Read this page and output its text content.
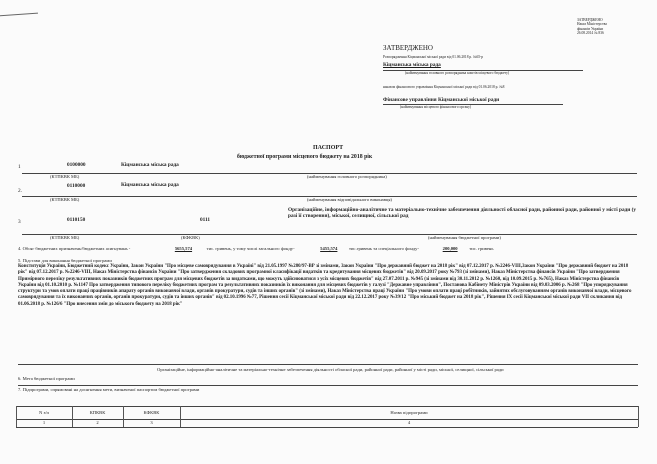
ЗАТВЕРДЖЕНО
Наказ Міністерства
фінансів України
26.08.2014 № 836
ЗАТВЕРДЖЕНО
Розпорядження Кіцманської міської ради від 01.06.2018 р. №65-р
Кіцманська міська рада
(найменування головного розпорядника коштів місцевого бюджету)
наказом фінансового управління Кіцманської міської ради від 01.06.2018 р. №8
Фінансове управління Кіцманської міської ради
(найменування місцевого фінансового органу)
ПАСПОРТ
бюджетної програми місцевого бюджету на 2018 рік
1	0100000	Кіцманська міська рада
(КТПКВК МБ)	(найменування головного розпорядника)
2.
0110000	Кіцманська міська рада
(КТПКВК МБ)	(найменування відповідального виконавця)
3	0110150	0111
Організаційне, інформаційно-аналітичне та матеріально-технічне забезпечення діяльності обласної ради, районної ради, районної у місті ради (у разі її створення), міської, селищної, сільської рад
(КТПКВК МБ)	(КФКВК)	(найменування бюджетної програми)
4. Обсяг бюджетних призначень/бюджетних асигнувань -	5655,574	тис. гривень, у тому числі загального фонду-	5455,574	тис.гривень та спеціального фонду-	200,000	тис. гривень
5. Підстави для виконання бюджетної програми
Конституція України, Бюджетний кодекс України, Закон України "Про місцеве самоврядування в Україні" від 21.05.1997 №280/97-ВР зі змінами, Закон України "Про державний бюджет на 2018 рік" від 07.12.2017 р. №2246-VIII,Закон України "Про державний бюджет на 2018 рік" від 07.12.2017 р. №2246-VIII, Наказ Міністерства фінансів України "Про затвердження складових програмної класифікації видатків та кредитування місцевих бюджетів" від 20.09.2017 року №793 (зі змінами), Наказ Міністерства фінансів України "Про затвердження Примірного переліку результативних показників бюджетних програм для місцевих бюджетів за видатками, що можуть здійснюватися з усіх місцевих бюджетів" від 27.07.2011 р. №945 (зі змінами від 30.11.2012 р. №1260, від 10.09.2015 р. №765), Наказ Міністерства фінансів України від 01.10.2010 р. №1147 Про затвердження типового переліку бюджетних програм та результативних показників їх виконання для місцевих бюджетів у галузі "Державне управління", Постанова Кабінету Міністрів України від 09.03.2006 р. №268 "Про упорядкування структури та умов оплати праці працівників апарату органів виконавчої влади, органів прокуратури, судів та інших органів" (зі змінами), Наказ Міністерства праці України "Про умови оплати праці робітників, зайнятих обслуговуванням органів виконавчої влади, місцевого самоврядування та їх виконавчих органів, органів прокуратури, судів та інших органів" від 02.10.1996 №77, Рішення сесії Кіцманської міської ради від 22.12.2017 року №39/12 "Про міський бюджет на 2018 рік", Рішення IX сесії Кіцманської міської ради VII скликання від 01.06.2018 р. №126/6 "Про внесення змін до міського бюджету на 2018 рік"
6. Мета бюджетної програми
Організаційне, інформаційно-аналітичне та матеріально-технічне забезпечення діяльності обласної ради, районної ради, районної у місті ради, міської, селищної, сільської ради
7. Підпрограми, спрямовані на досягнення мети, визначеної паспортом бюджетної програми
N з/п	КПКВК	КФКВК	Назва підпрограми
1	2	3	4
